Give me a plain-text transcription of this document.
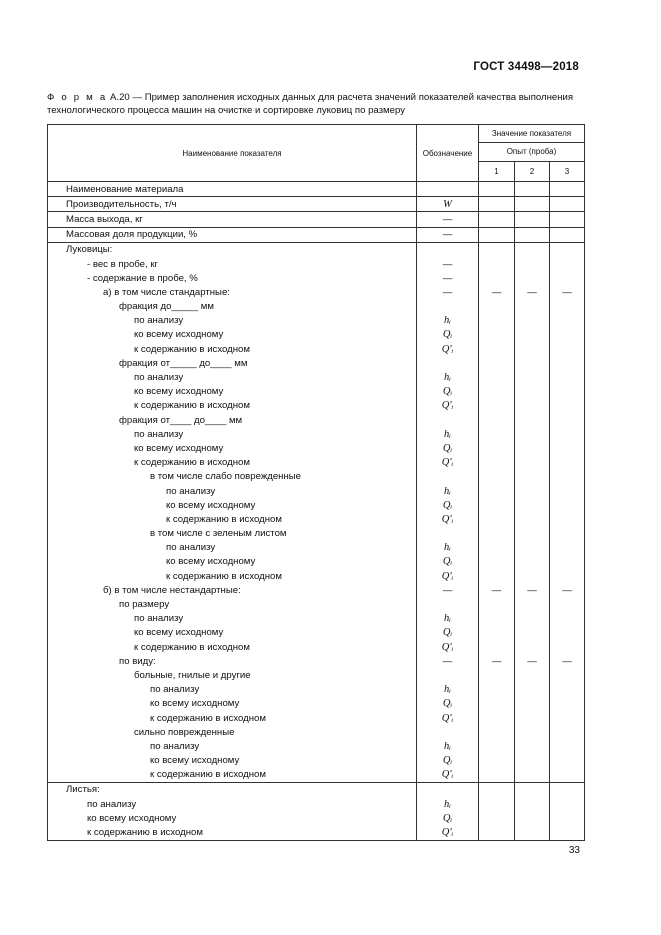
ГОСТ 34498—2018
Ф о р м а А.20 — Пример заполнения исходных данных для расчета значений показателей качества выполнения
технологического процесса машин на очистке и сортировке луковиц по размеру
Наименование показателя	Обозначение	Значение показателя		
		Опыт (проба)		
		1	2	3
Наименование материала				
Производительность, т/ч	W			
Масса выхода, кг	—			
Массовая доля продукции, %	—			
Луковицы:				
- вес в пробе, кг	—			
- содержание в пробе, %	—			
а) в том числе стандартные:	—	—	—	—
фракция до_____ мм				
по анализу	hᵢ			
ко всему исходному	Qᵢ			
к содержанию в исходном	Q'ᵢ			
фракция от_____ до____ мм				
по анализу	hᵢ			
ко всему исходному	Qᵢ			
к содержанию в исходном	Q'ᵢ			
фракция от____ до____ мм				
по анализу	hᵢ			
ко всему исходному	Qᵢ			
к содержанию в исходном	Q'ᵢ			
в том числе слабо поврежденные				
по анализу	hᵢ			
ко всему исходному	Qᵢ			
к содержанию в исходном	Q'ᵢ			
в том числе с зеленым листом				
по анализу	hᵢ			
ко всему исходному	Qᵢ			
к содержанию в исходном	Q'ᵢ			
б) в том числе нестандартные:	—	—	—	—
по размеру				
по анализу	hᵢ			
ко всему исходному	Qᵢ			
к содержанию в исходном	Q'ᵢ			
по виду:	—	—	—	—
больные, гнилые и другие				
по анализу	hᵢ			
ко всему исходному	Qᵢ			
к содержанию в исходном	Q'ᵢ			
сильно поврежденные				
по анализу	hᵢ			
ко всему исходному	Qᵢ			
к содержанию в исходном	Q'ᵢ			
Листья:				
по анализу	hᵢ			
ко всему исходному	Qᵢ			
к содержанию в исходном	Q'ᵢ			
33
